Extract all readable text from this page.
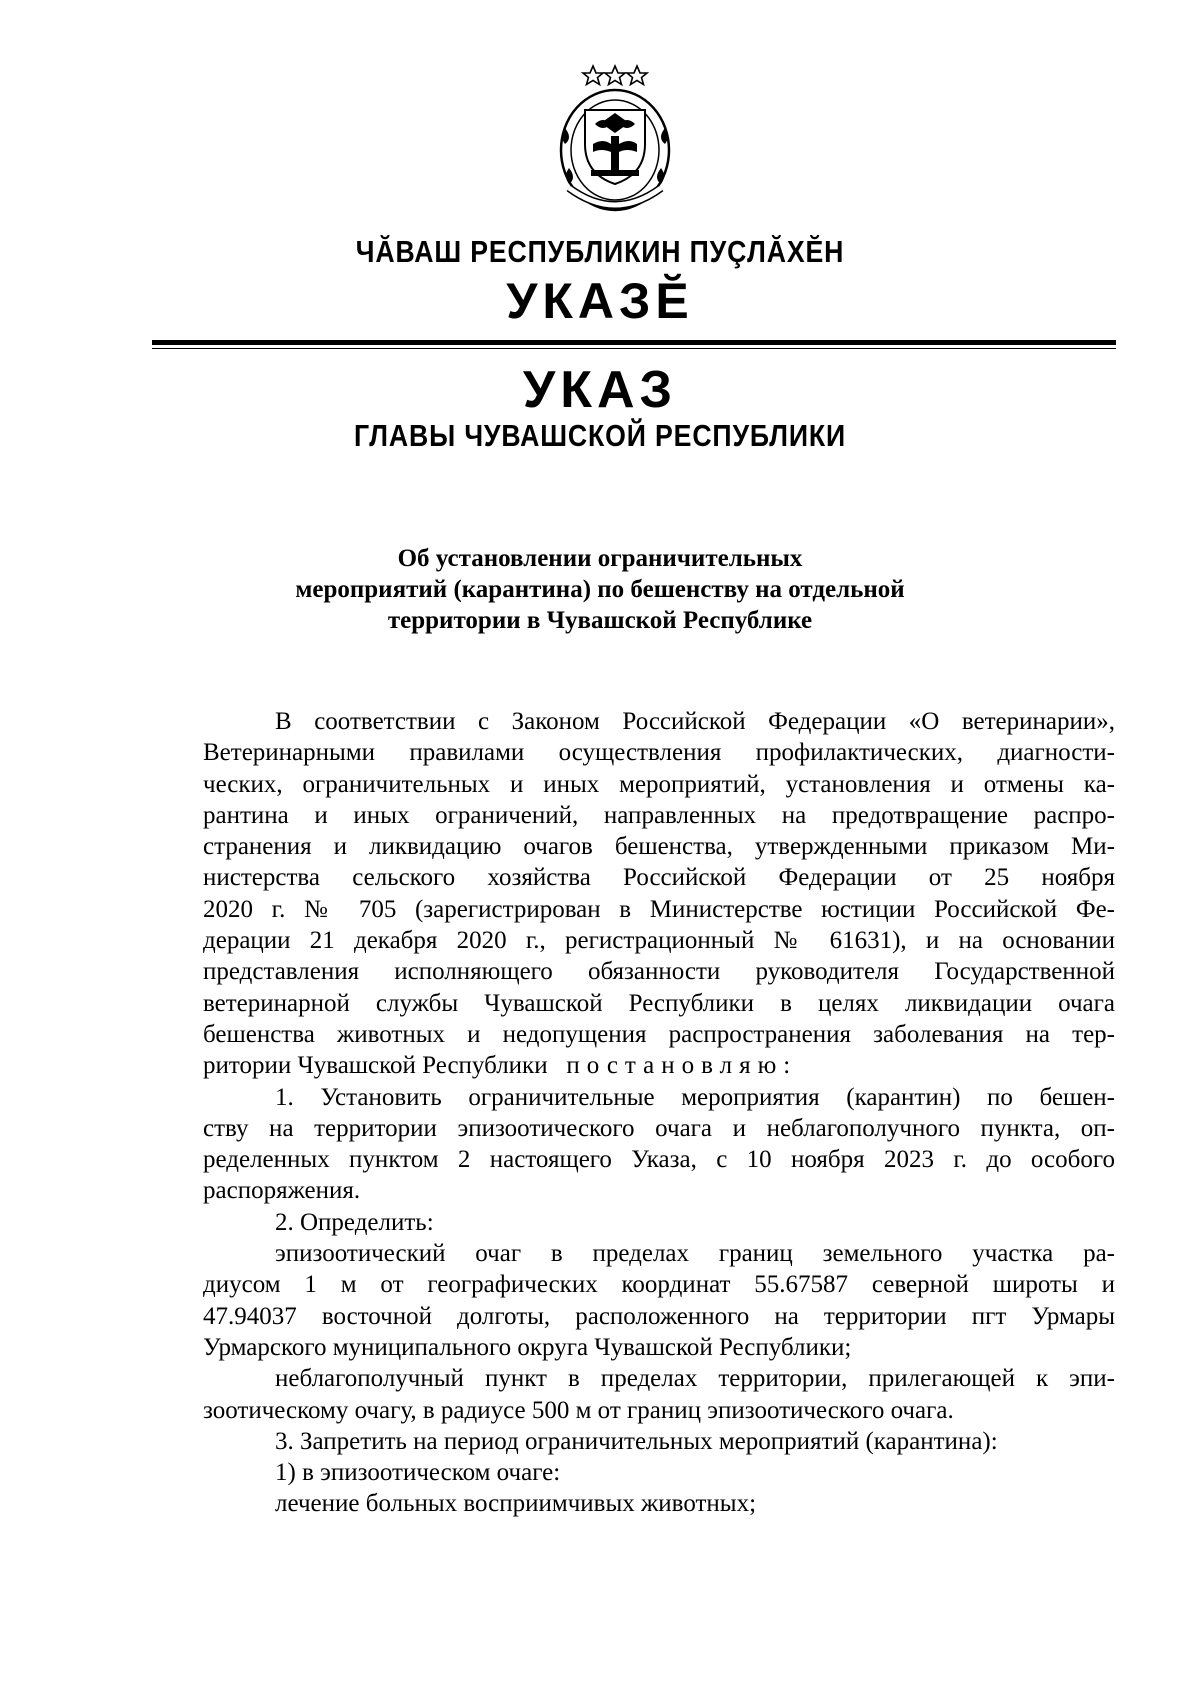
ЧĂВАШ РЕСПУБЛИКИН ПУÇЛĂХĔН
УКАЗĔ
УКАЗ
ГЛАВЫ ЧУВАШСКОЙ РЕСПУБЛИКИ
Об установлении ограничительных
мероприятий (карантина) по бешенству на отдельной
территории в Чувашской Республике
В соответствии с Законом Российской Федерации «О ветеринарии»,
Ветеринарными правилами осуществления профилактических, диагности-
ческих, ограничительных и иных мероприятий, установления и отмены ка-
рантина и иных ограничений, направленных на предотвращение распро-
странения и ликвидацию очагов бешенства, утвержденными приказом Ми-
нистерства сельского хозяйства Российской Федерации от 25 ноября
2020 г. № 705 (зарегистрирован в Министерстве юстиции Российской Фе-
дерации 21 декабря 2020 г., регистрационный № 61631), и на основании
представления исполняющего обязанности руководителя Государственной
ветеринарной службы Чувашской Республики в целях ликвидации очага
бешенства животных и недопущения распространения заболевания на тер-
ритории Чувашской Республики постановляю:
1. Установить ограничительные мероприятия (карантин) по бешен-
ству на территории эпизоотического очага и неблагополучного пункта, оп-
ределенных пунктом 2 настоящего Указа, с 10 ноября 2023 г. до особого
распоряжения.
2. Определить:
эпизоотический очаг в пределах границ земельного участка ра-
диусом 1 м от географических координат 55.67587 северной широты и
47.94037 восточной долготы, расположенного на территории пгт Урмары
Урмарского муниципального округа Чувашской Республики;
неблагополучный пункт в пределах территории, прилегающей к эпи-
зоотическому очагу, в радиусе 500 м от границ эпизоотического очага.
3. Запретить на период ограничительных мероприятий (карантина):
1) в эпизоотическом очаге:
лечение больных восприимчивых животных;
